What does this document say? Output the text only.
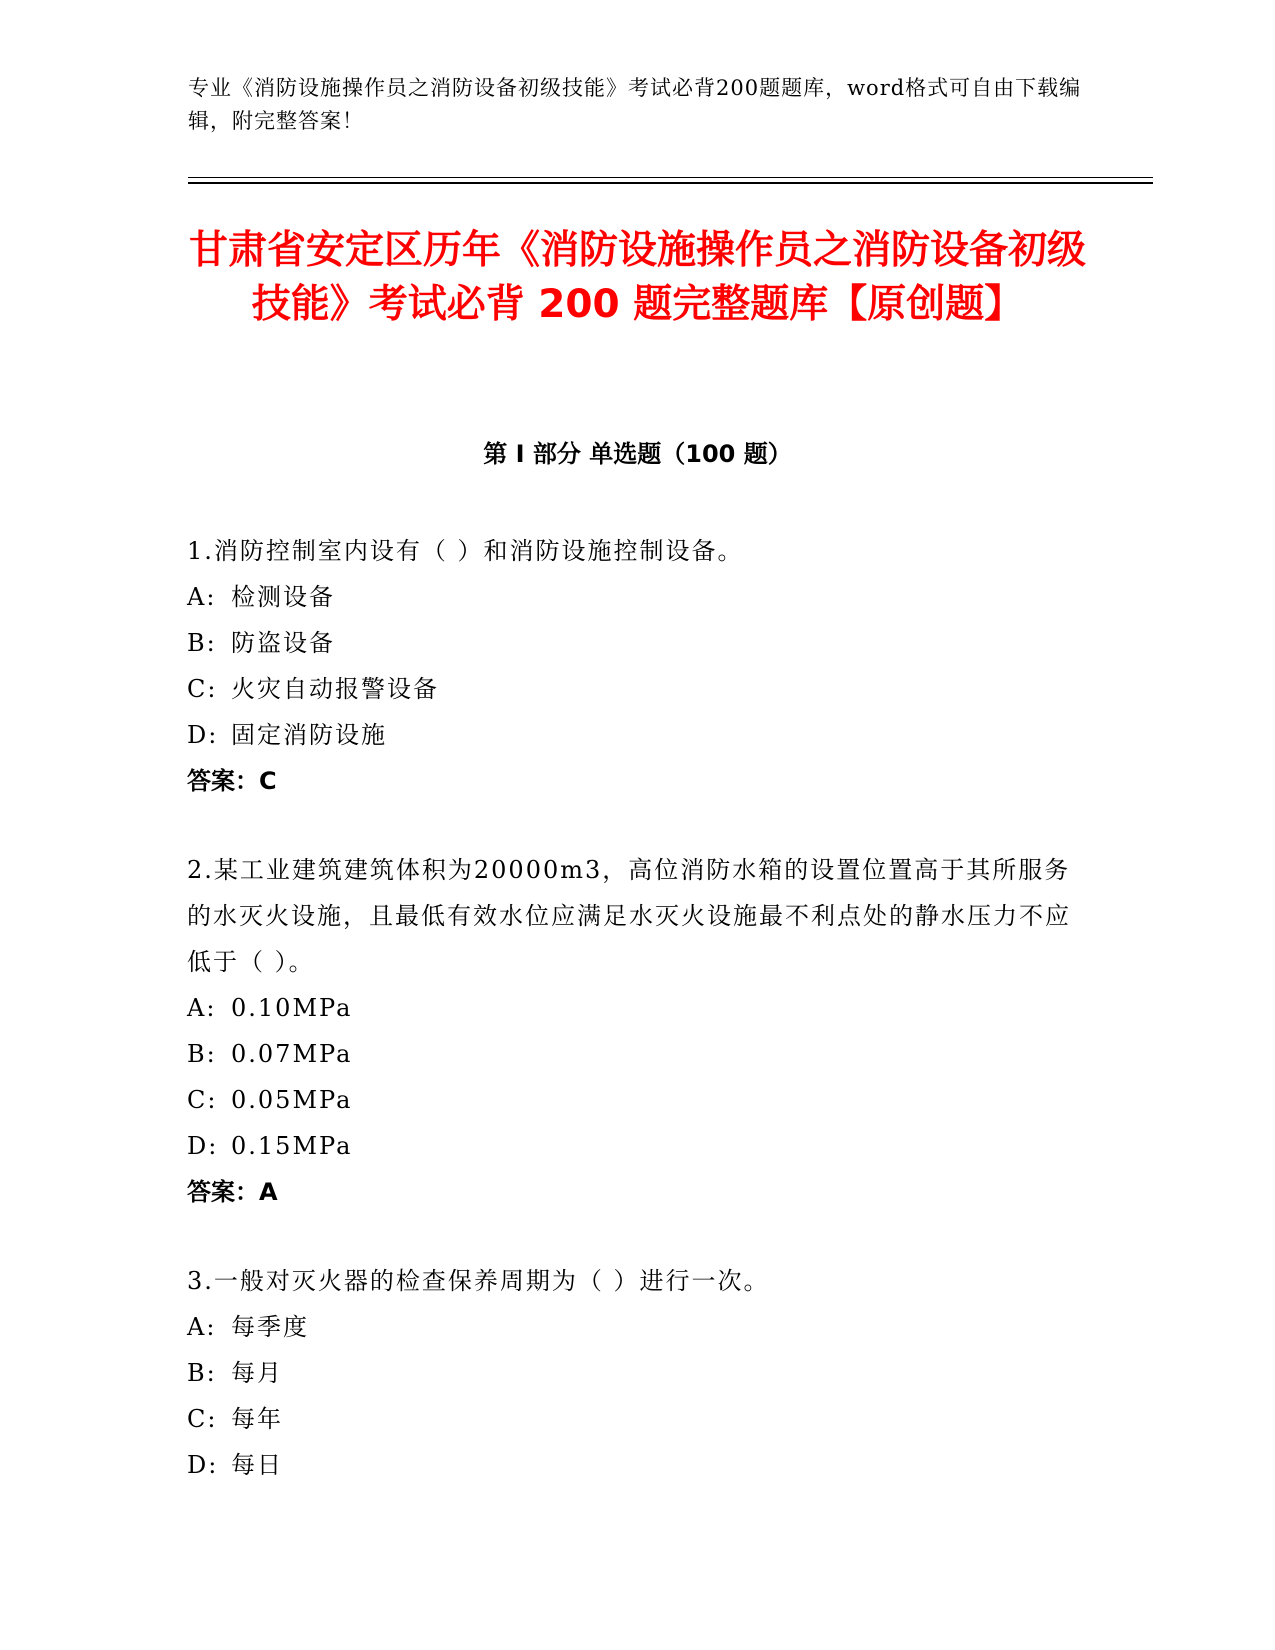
专业《消防设施操作员之消防设备初级技能》考试必背200题题库，word格式可自由下载编辑，附完整答案！
甘肃省安定区历年《消防设施操作员之消防设备初级技能》考试必背 200 题完整题库【原创题】
第 I 部分 单选题（100 题）
1.消防控制室内设有（ ）和消防设施控制设备。
A: 检测设备
B: 防盗设备
C: 火灾自动报警设备
D: 固定消防设施
答案：C
2.某工业建筑建筑体积为20000m3，高位消防水箱的设置位置高于其所服务的水灭火设施，且最低有效水位应满足水灭火设施最不利点处的静水压力不应低于（ ）。
A: 0.10MPa
B: 0.07MPa
C: 0.05MPa
D: 0.15MPa
答案：A
3.一般对灭火器的检查保养周期为（ ）进行一次。
A: 每季度
B: 每月
C: 每年
D: 每日
